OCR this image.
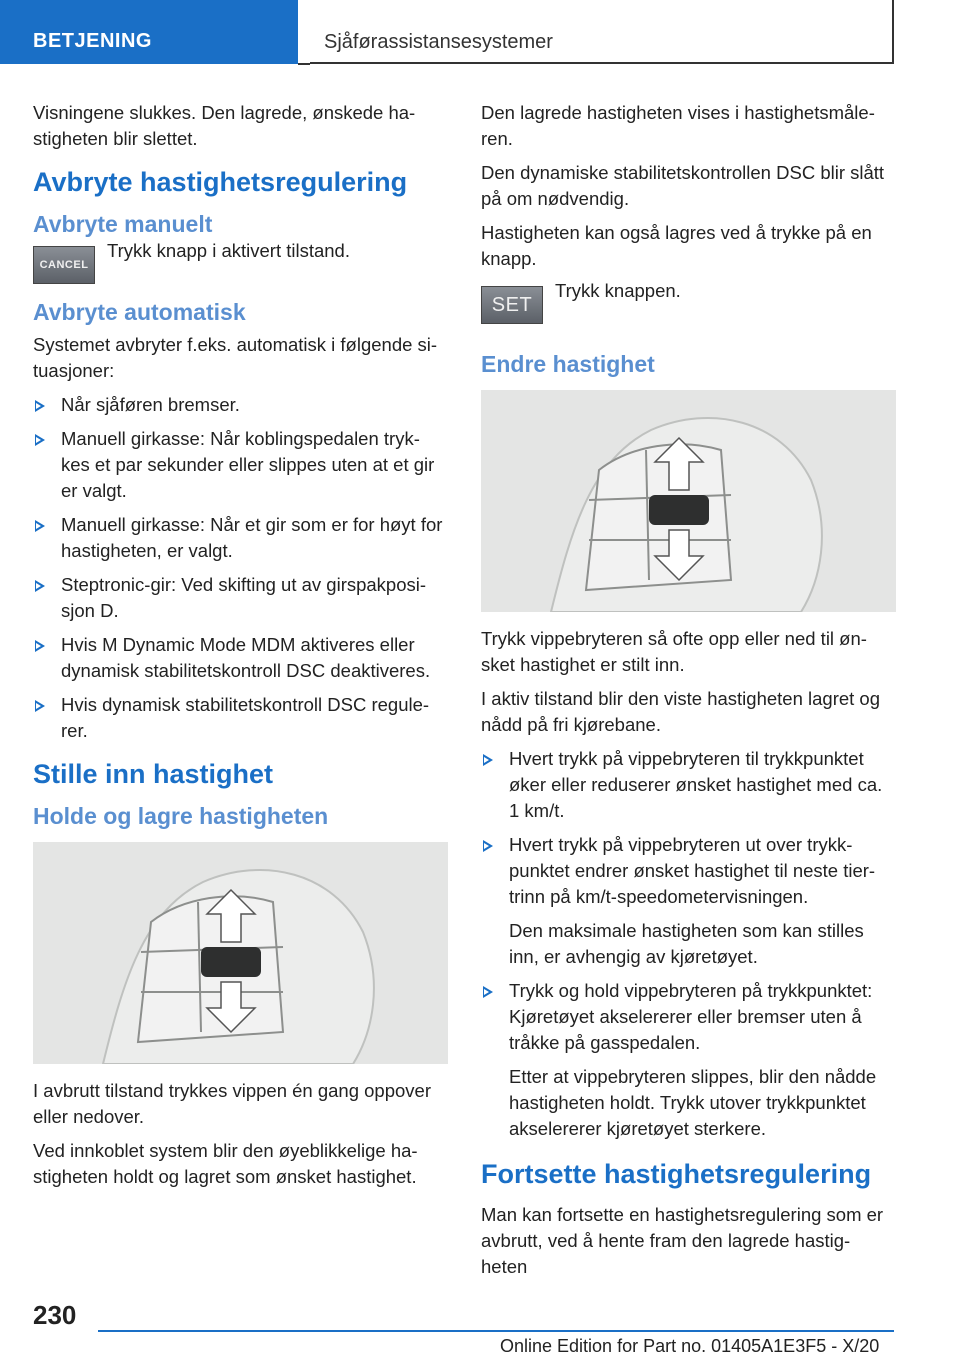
BETJENING	Sjåførassistansesystemer

Visningene slukkes. Den lagrede, ønskede ha-stigheten blir slettet.

Avbryte hastighetsregulering
Avbryte manuelt
CANCEL

Trykk knapp i aktivert tilstand.

Avbryte automatisk

Systemet avbryter f.eks. automatisk i følgende si-tuasjoner:

Når sjåføren bremser.
Manuell girkasse: Når koblingspedalen tryk-kes et par sekunder eller slippes uten at et gir er valgt.
Manuell girkasse: Når et gir som er for høyt for hastigheten, er valgt.
Steptronic-gir: Ved skifting ut av girspakposi-sjon D.
Hvis M Dynamic Mode MDM aktiveres eller dynamisk stabilitetskontroll DSC deaktiveres.
Hvis dynamisk stabilitetskontroll DSC regule-rer.
Stille inn hastighet
Holde og lagre hastigheten

I avbrutt tilstand trykkes vippen én gang oppover eller nedover.

Ved innkoblet system blir den øyeblikkelige ha-stigheten holdt og lagret som ønsket hastighet.

Den lagrede hastigheten vises i hastighetsmåle-ren.

Den dynamiske stabilitetskontrollen DSC blir slått på om nødvendig.

Hastigheten kan også lagres ved å trykke på en knapp.

SET

Trykk knappen.

Endre hastighet

Trykk vippebryteren så ofte opp eller ned til øn-sket hastighet er stilt inn.

I aktiv tilstand blir den viste hastigheten lagret og nådd på fri kjørebane.

Hvert trykk på vippebryteren til trykkpunktet øker eller reduserer ønsket hastighet med ca. 1 km/t.
Hvert trykk på vippebryteren ut over trykk-punktet endrer ønsket hastighet til neste tier-trinn på km/t-speedometervisningen.

Den maksimale hastigheten som kan stilles inn, er avhengig av kjøretøyet.

Trykk og hold vippebryteren på trykkpunktet: Kjøretøyet akselererer eller bremser uten å tråkke på gasspedalen.

Etter at vippebryteren slippes, blir den nådde hastigheten holdt. Trykk utover trykkpunktet akselererer kjøretøyet sterkere.

Fortsette hastighetsregulering

Man kan fortsette en hastighetsregulering som er avbrutt, ved å hente fram den lagrede hastig-heten

230
Online Edition for Part no. 01405A1E3F5 - X/20
